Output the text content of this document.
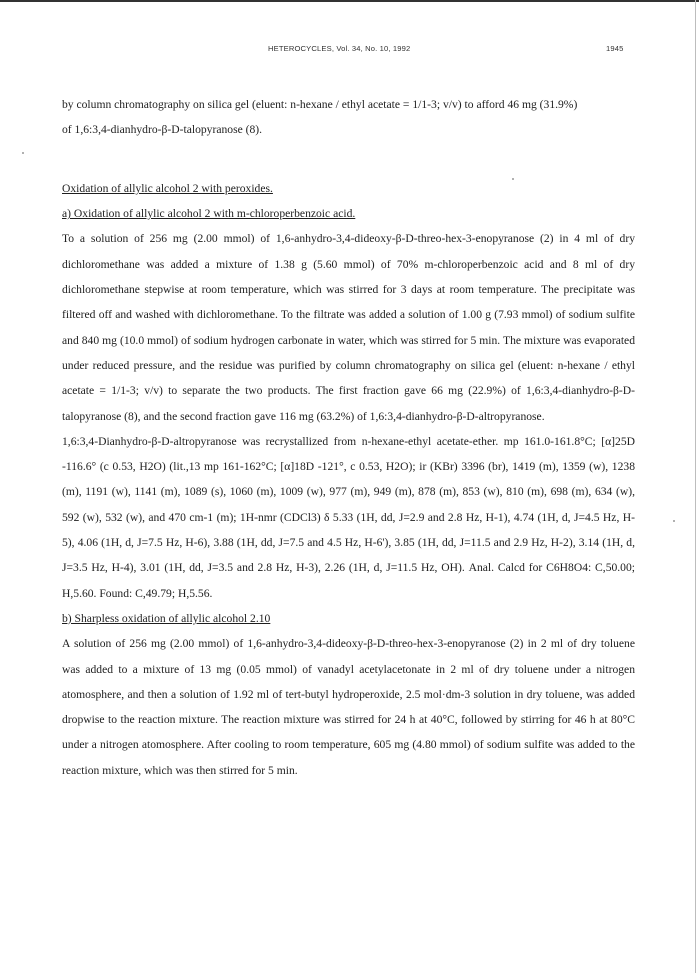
HETEROCYCLES, Vol. 34, No. 10, 1992	1945

by column chromatography on silica gel (eluent: n-hexane / ethyl acetate = 1/1-3; v/v) to afford 46 mg (31.9%)

of 1,6:3,4-dianhydro-β-D-talopyranose (8).

Oxidation of allylic alcohol 2 with peroxides.

a) Oxidation of allylic alcohol 2 with m-chloroperbenzoic acid.

To a solution of 256 mg (2.00 mmol) of 1,6-anhydro-3,4-dideoxy-β-D-threo-hex-3-enopyranose (2) in 4 ml of dry dichloromethane was added a mixture of 1.38 g (5.60 mmol) of 70% m-chloroperbenzoic acid and 8 ml of dry dichloromethane stepwise at room temperature, which was stirred for 3 days at room temperature. The precipitate was filtered off and washed with dichloromethane. To the filtrate was added a solution of 1.00 g (7.93 mmol) of sodium sulfite and 840 mg (10.0 mmol) of sodium hydrogen carbonate in water, which was stirred for 5 min. The mixture was evaporated under reduced pressure, and the residue was purified by column chromatography on silica gel (eluent: n-hexane / ethyl acetate = 1/1-3; v/v) to separate the two products. The first fraction gave 66 mg (22.9%) of 1,6:3,4-dianhydro-β-D-talopyranose (8), and the second fraction gave 116 mg (63.2%) of 1,6:3,4-dianhydro-β-D-altropyranose.

1,6:3,4-Dianhydro-β-D-altropyranose was recrystallized from n-hexane-ethyl acetate-ether. mp 161.0-161.8°C; [α]25D -116.6° (c 0.53, H2O) (lit.,13 mp 161-162°C; [α]18D -121°, c 0.53, H2O); ir (KBr) 3396 (br), 1419 (m), 1359 (w), 1238 (m), 1191 (w), 1141 (m), 1089 (s), 1060 (m), 1009 (w), 977 (m), 949 (m), 878 (m), 853 (w), 810 (m), 698 (m), 634 (w), 592 (w), 532 (w), and 470 cm-1 (m); 1H-nmr (CDCl3) δ 5.33 (1H, dd, J=2.9 and 2.8 Hz, H-1), 4.74 (1H, d, J=4.5 Hz, H-5), 4.06 (1H, d, J=7.5 Hz, H-6), 3.88 (1H, dd, J=7.5 and 4.5 Hz, H-6'), 3.85 (1H, dd, J=11.5 and 2.9 Hz, H-2), 3.14 (1H, d, J=3.5 Hz, H-4), 3.01 (1H, dd, J=3.5 and 2.8 Hz, H-3), 2.26 (1H, d, J=11.5 Hz, OH). Anal. Calcd for C6H8O4: C,50.00; H,5.60. Found: C,49.79; H,5.56.

b) Sharpless oxidation of allylic alcohol 2.10

A solution of 256 mg (2.00 mmol) of 1,6-anhydro-3,4-dideoxy-β-D-threo-hex-3-enopyranose (2) in 2 ml of dry toluene was added to a mixture of 13 mg (0.05 mmol) of vanadyl acetylacetonate in 2 ml of dry toluene under a nitrogen atomosphere, and then a solution of 1.92 ml of tert-butyl hydroperoxide, 2.5 mol·dm-3 solution in dry toluene, was added dropwise to the reaction mixture. The reaction mixture was stirred for 24 h at 40°C, followed by stirring for 46 h at 80°C under a nitrogen atomosphere. After cooling to room temperature, 605 mg (4.80 mmol) of sodium sulfite was added to the reaction mixture, which was then stirred for 5 min.
